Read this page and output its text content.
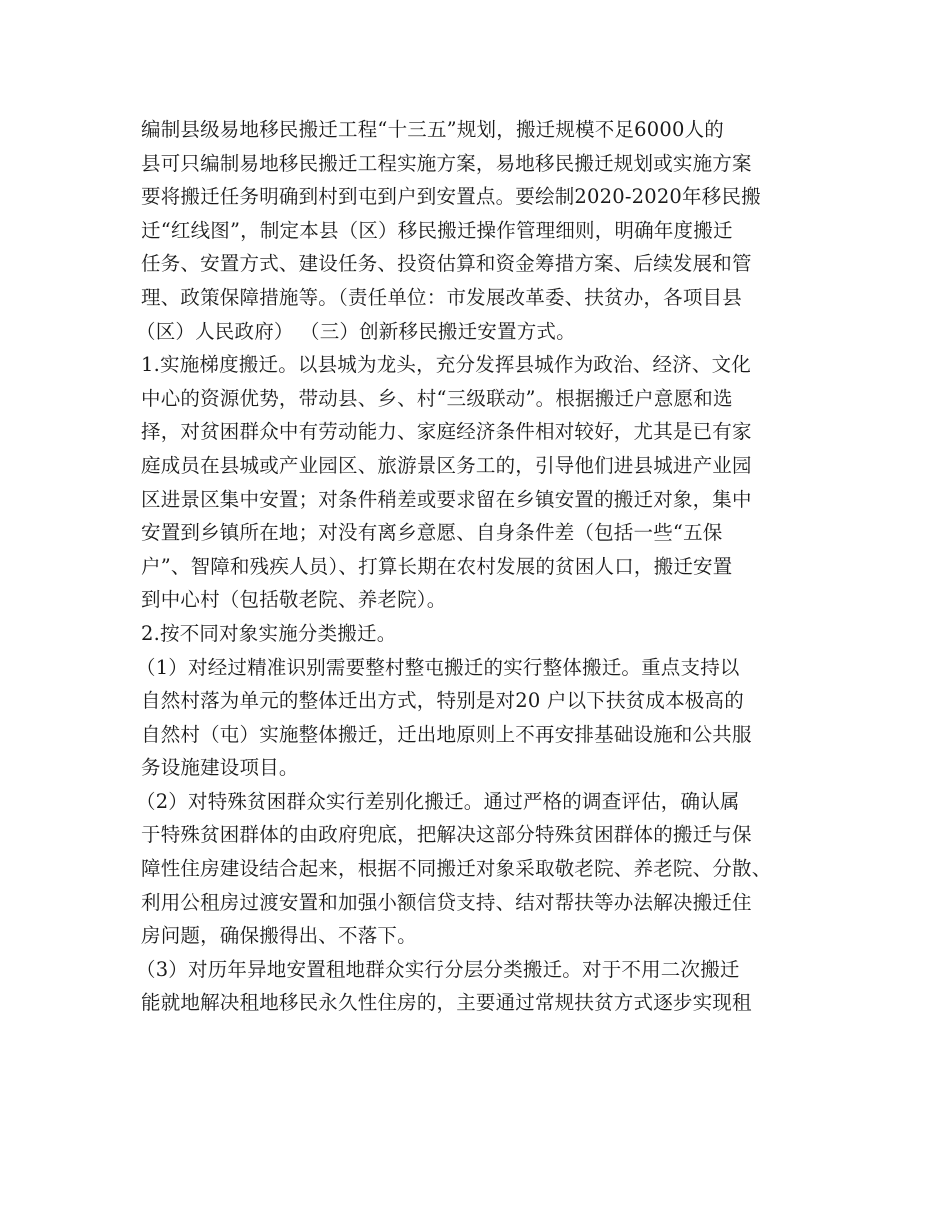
编制县级易地移民搬迁工程“十三五”规划，搬迁规模不足6000人的
县可只编制易地移民搬迁工程实施方案，易地移民搬迁规划或实施方案
要将搬迁任务明确到村到屯到户到安置点。要绘制2020-2020年移民搬
迁“红线图”，制定本县（区）移民搬迁操作管理细则，明确年度搬迁
任务、安置方式、建设任务、投资估算和资金筹措方案、后续发展和管
理、政策保障措施等。（责任单位：市发展改革委、扶贫办，各项目县
（区）人民政府） （三）创新移民搬迁安置方式。
1.实施梯度搬迁。以县城为龙头，充分发挥县城作为政治、经济、文化
中心的资源优势，带动县、乡、村“三级联动”。根据搬迁户意愿和选
择，对贫困群众中有劳动能力、家庭经济条件相对较好，尤其是已有家
庭成员在县城或产业园区、旅游景区务工的，引导他们进县城进产业园
区进景区集中安置；对条件稍差或要求留在乡镇安置的搬迁对象，集中
安置到乡镇所在地；对没有离乡意愿、自身条件差（包括一些“五保
户”、智障和残疾人员）、打算长期在农村发展的贫困人口，搬迁安置
到中心村（包括敬老院、养老院）。
2.按不同对象实施分类搬迁。
（1）对经过精准识别需要整村整屯搬迁的实行整体搬迁。重点支持以
自然村落为单元的整体迁出方式，特别是对20 户以下扶贫成本极高的
自然村（屯）实施整体搬迁，迁出地原则上不再安排基础设施和公共服
务设施建设项目。
（2）对特殊贫困群众实行差别化搬迁。通过严格的调查评估，确认属
于特殊贫困群体的由政府兜底，把解决这部分特殊贫困群体的搬迁与保
障性住房建设结合起来，根据不同搬迁对象采取敬老院、养老院、分散、
利用公租房过渡安置和加强小额信贷支持、结对帮扶等办法解决搬迁住
房问题，确保搬得出、不落下。
（3）对历年异地安置租地群众实行分层分类搬迁。对于不用二次搬迁
能就地解决租地移民永久性住房的，主要通过常规扶贫方式逐步实现租
